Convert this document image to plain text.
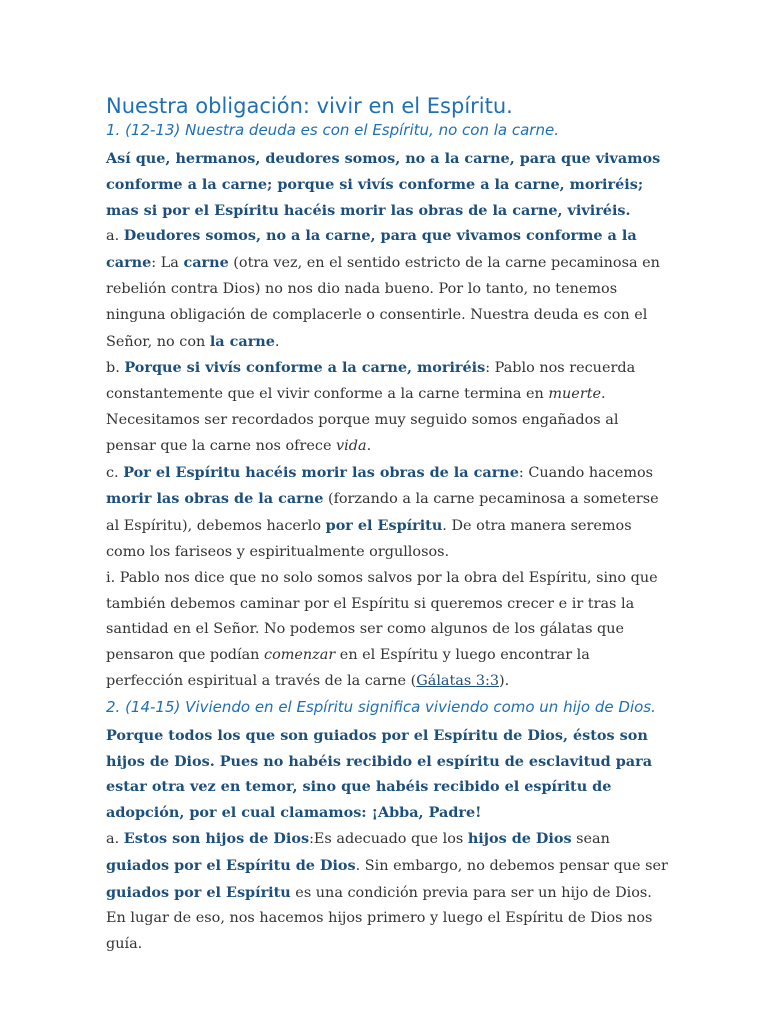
Nuestra obligación: vivir en el Espíritu.

1. (12-13) Nuestra deuda es con el Espíritu, no con la carne.

Así que, hermanos, deudores somos, no a la carne, para que vivamos conforme a la carne; porque si vivís conforme a la carne, moriréis; mas si por el Espíritu hacéis morir las obras de la carne, viviréis.

a. Deudores somos, no a la carne, para que vivamos conforme a la carne: La carne (otra vez, en el sentido estricto de la carne pecaminosa en rebelión contra Dios) no nos dio nada bueno. Por lo tanto, no tenemos ninguna obligación de complacerle o consentirle. Nuestra deuda es con el Señor, no con la carne.

b. Porque si vivís conforme a la carne, moriréis: Pablo nos recuerda constantemente que el vivir conforme a la carne termina en muerte. Necesitamos ser recordados porque muy seguido somos engañados al pensar que la carne nos ofrece vida.

c. Por el Espíritu hacéis morir las obras de la carne: Cuando hacemos morir las obras de la carne (forzando a la carne pecaminosa a someterse al Espíritu), debemos hacerlo por el Espíritu. De otra manera seremos como los fariseos y espiritualmente orgullosos.

i. Pablo nos dice que no solo somos salvos por la obra del Espíritu, sino que también debemos caminar por el Espíritu si queremos crecer e ir tras la santidad en el Señor. No podemos ser como algunos de los gálatas que pensaron que podían comenzar en el Espíritu y luego encontrar la perfección espiritual a través de la carne (Gálatas 3:3).

2. (14-15) Viviendo en el Espíritu significa viviendo como un hijo de Dios.

Porque todos los que son guiados por el Espíritu de Dios, éstos son hijos de Dios. Pues no habéis recibido el espíritu de esclavitud para estar otra vez en temor, sino que habéis recibido el espíritu de adopción, por el cual clamamos: ¡Abba, Padre!

a. Estos son hijos de Dios:Es adecuado que los hijos de Dios sean guiados por el Espíritu de Dios. Sin embargo, no debemos pensar que ser guiados por el Espíritu es una condición previa para ser un hijo de Dios. En lugar de eso, nos hacemos hijos primero y luego el Espíritu de Dios nos guía.
